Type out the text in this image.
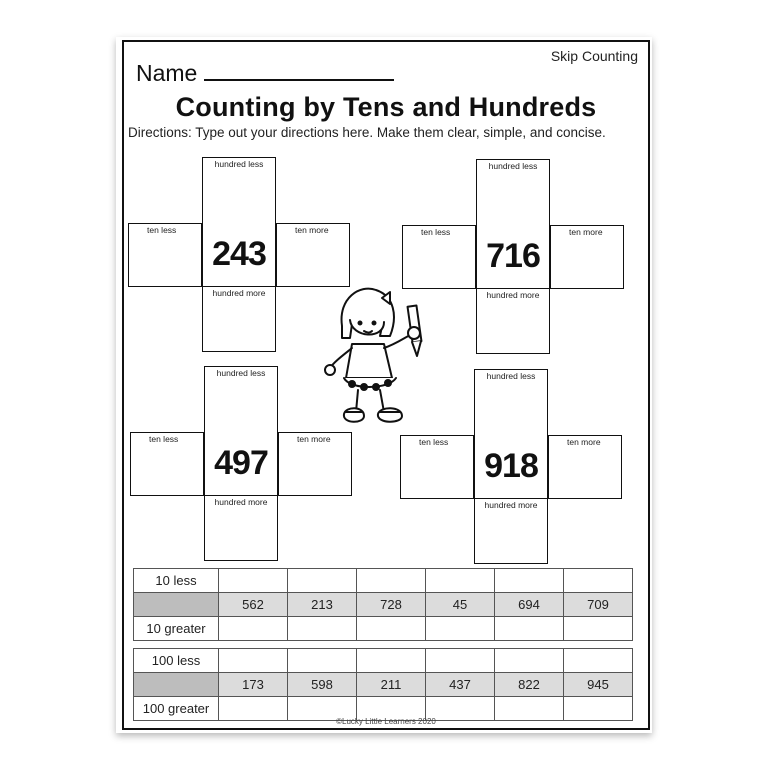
Skip Counting
Name
Counting by Tens and Hundreds
Directions: Type out your directions here. Make them clear, simple, and concise.
hundred less
ten less
243
ten more
hundred more
hundred less
ten less
716
ten more
hundred more
hundred less
ten less
497
ten more
hundred more
hundred less
ten less
918
ten more
hundred more
10 less						
	562	213	728	45	694	709
10 greater						
100 less						
	173	598	211	437	822	945
100 greater						
©Lucky Little Learners 2020
